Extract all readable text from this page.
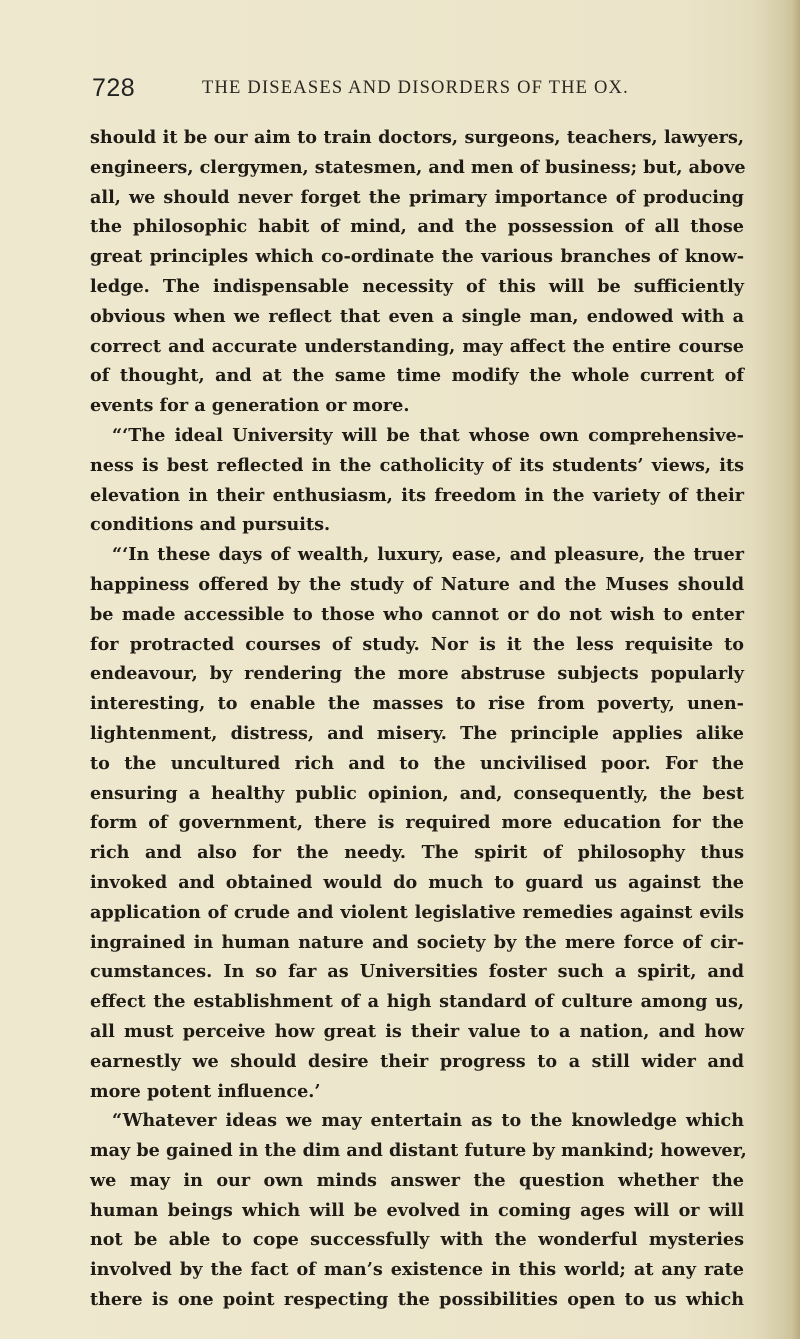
728	THE DISEASES AND DISORDERS OF THE OX.
should it be our aim to train doctors, surgeons, teachers, lawyers,
engineers, clergymen, statesmen, and men of business; but, above
all, we should never forget the primary importance of producing
the philosophic habit of mind, and the possession of all those
great principles which co-ordinate the various branches of know-
ledge. The indispensable necessity of this will be sufficiently
obvious when we reflect that even a single man, endowed with a
correct and accurate understanding, may affect the entire course
of thought, and at the same time modify the whole current of
events for a generation or more.
“‘The ideal University will be that whose own comprehensive-
ness is best reflected in the catholicity of its students’ views, its
elevation in their enthusiasm, its freedom in the variety of their
conditions and pursuits.
“‘In these days of wealth, luxury, ease, and pleasure, the truer
happiness offered by the study of Nature and the Muses should
be made accessible to those who cannot or do not wish to enter
for protracted courses of study. Nor is it the less requisite to
endeavour, by rendering the more abstruse subjects popularly
interesting, to enable the masses to rise from poverty, unen-
lightenment, distress, and misery. The principle applies alike
to the uncultured rich and to the uncivilised poor. For the
ensuring a healthy public opinion, and, consequently, the best
form of government, there is required more education for the
rich and also for the needy. The spirit of philosophy thus
invoked and obtained would do much to guard us against the
application of crude and violent legislative remedies against evils
ingrained in human nature and society by the mere force of cir-
cumstances. In so far as Universities foster such a spirit, and
effect the establishment of a high standard of culture among us,
all must perceive how great is their value to a nation, and how
earnestly we should desire their progress to a still wider and
more potent influence.’
“Whatever ideas we may entertain as to the knowledge which
may be gained in the dim and distant future by mankind; however,
we may in our own minds answer the question whether the
human beings which will be evolved in coming ages will or will
not be able to cope successfully with the wonderful mysteries
involved by the fact of man’s existence in this world; at any rate
there is one point respecting the possibilities open to us which
